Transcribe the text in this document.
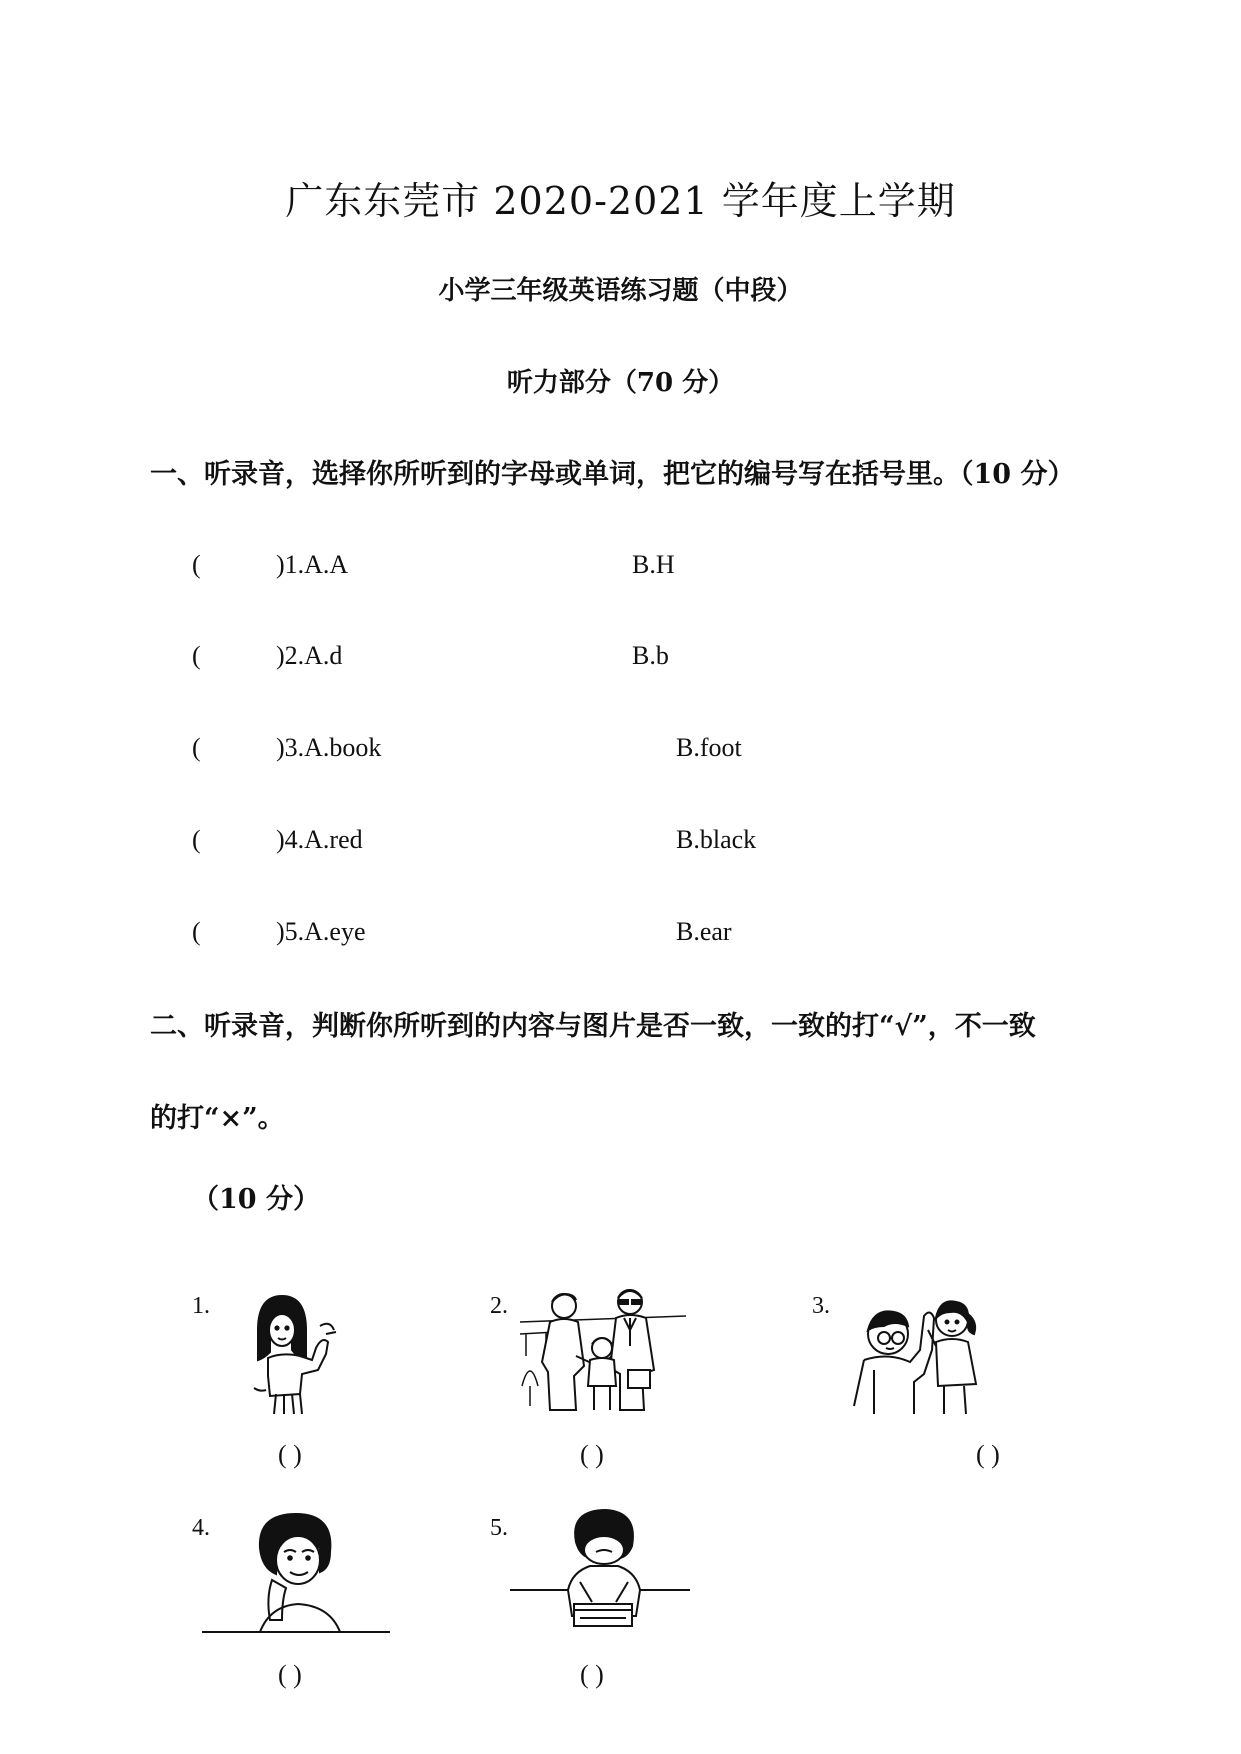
广东东莞市 2020-2021 学年度上学期
小学三年级英语练习题（中段）
听力部分（70 分）
一、听录音，选择你所听到的字母或单词，把它的编号写在括号里。（10 分）
(	)1.A.A	B.H
(	)2.A.d	B.b
(	)3.A.book	B.foot
(	)4.A.red	B.black
(	)5.A.eye	B.ear
二、听录音，判断你所听到的内容与图片是否一致，一致的打“√”，不一致
的打“×”。
（10 分）
1.
( )
2.
( )
3.
( )
4.
( )
5.
( )
